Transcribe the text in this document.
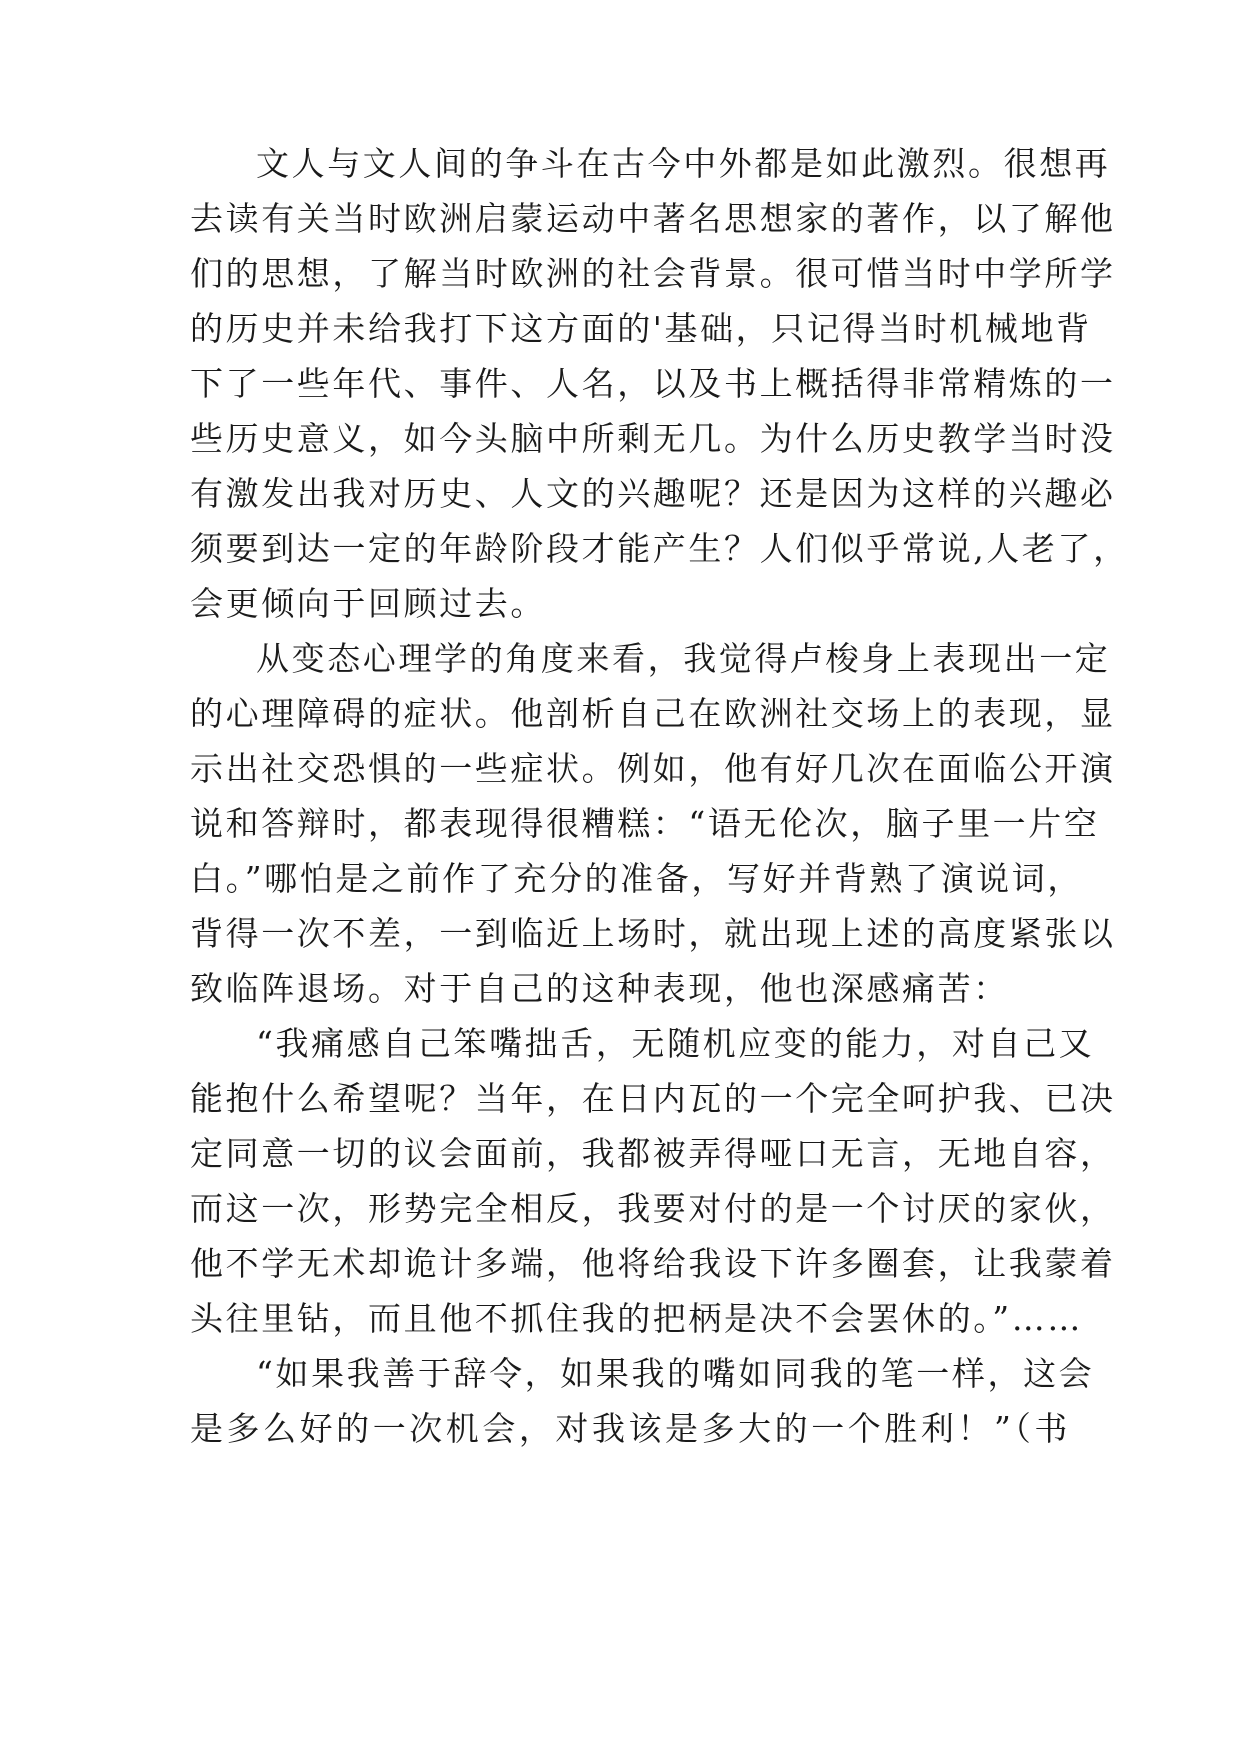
文人与文人间的争斗在古今中外都是如此激烈。很想再
去读有关当时欧洲启蒙运动中著名思想家的著作，以了解他
们的思想，了解当时欧洲的社会背景。很可惜当时中学所学
的历史并未给我打下这方面的'基础，只记得当时机械地背
下了一些年代、事件、人名，以及书上概括得非常精炼的一
些历史意义，如今头脑中所剩无几。为什么历史教学当时没
有激发出我对历史、人文的兴趣呢？还是因为这样的兴趣必
须要到达一定的年龄阶段才能产生？人们似乎常说,人老了，
会更倾向于回顾过去。
从变态心理学的角度来看，我觉得卢梭身上表现出一定
的心理障碍的症状。他剖析自己在欧洲社交场上的表现，显
示出社交恐惧的一些症状。例如，他有好几次在面临公开演
说和答辩时，都表现得很糟糕：“语无伦次，脑子里一片空
白。”哪怕是之前作了充分的准备，写好并背熟了演说词，
背得一次不差，一到临近上场时，就出现上述的高度紧张以
致临阵退场。对于自己的这种表现，他也深感痛苦：
“我痛感自己笨嘴拙舌，无随机应变的能力，对自己又
能抱什么希望呢？当年，在日内瓦的一个完全呵护我、已决
定同意一切的议会面前，我都被弄得哑口无言，无地自容，
而这一次，形势完全相反，我要对付的是一个讨厌的家伙，
他不学无术却诡计多端，他将给我设下许多圈套，让我蒙着
头往里钻，而且他不抓住我的把柄是决不会罢休的。”……
“如果我善于辞令，如果我的嘴如同我的笔一样，这会
是多么好的一次机会，对我该是多大的一个胜利！”（书
